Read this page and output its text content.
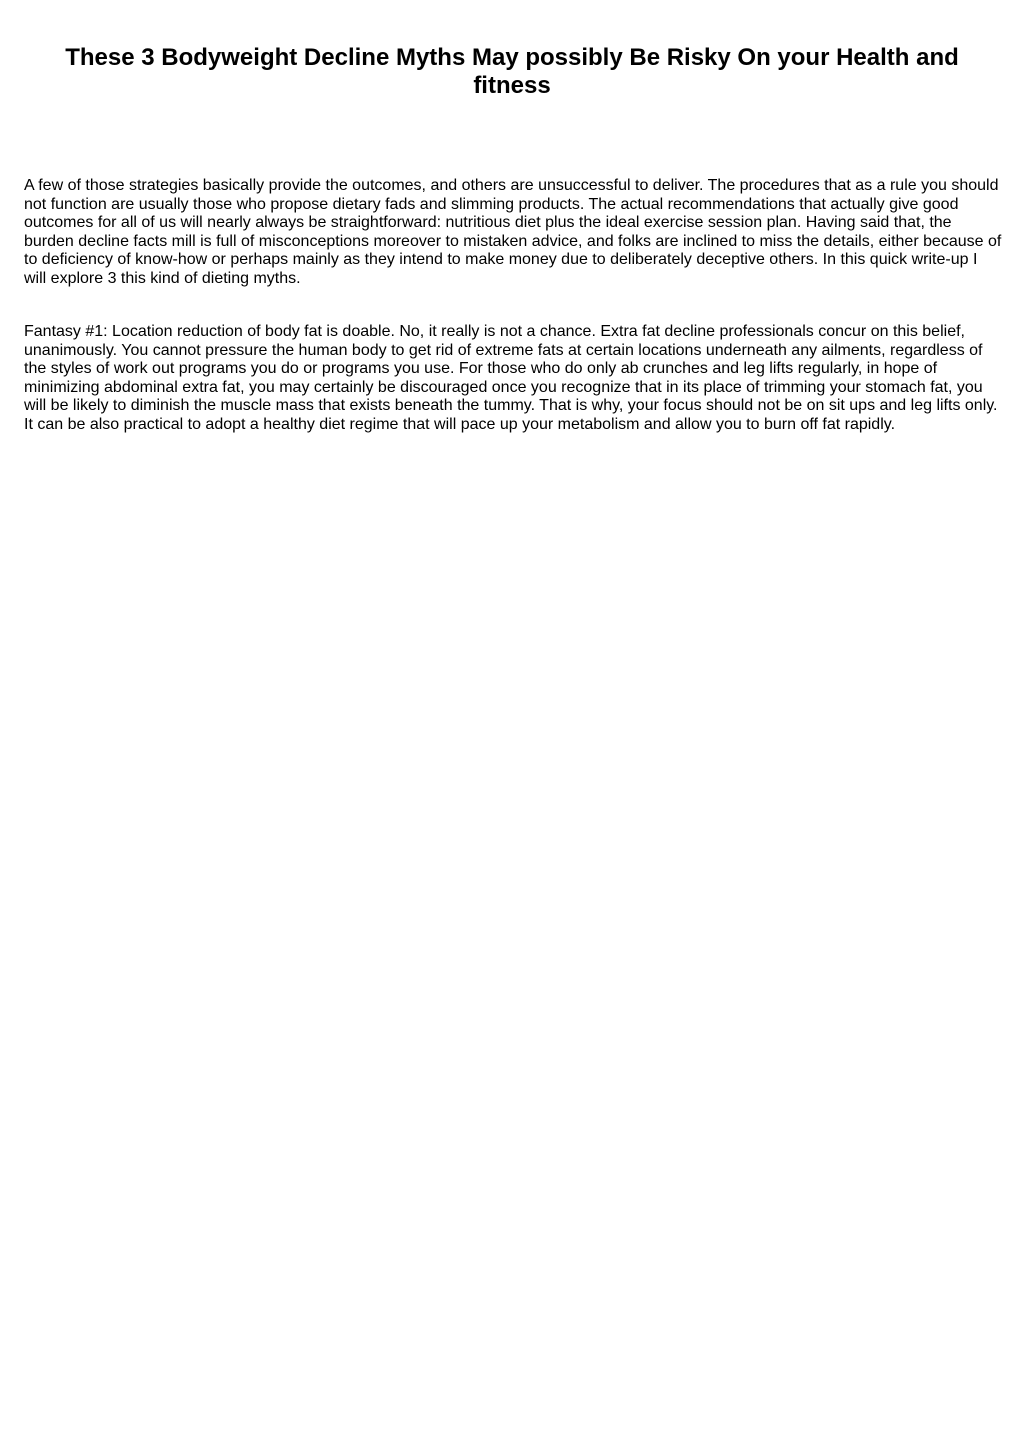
These 3 Bodyweight Decline Myths May possibly Be Risky On your Health and fitness

A few of those strategies basically provide the outcomes, and others are unsuccessful to deliver. The procedures that as a rule you should not function are usually those who propose dietary fads and slimming products. The actual recommendations that actually give good outcomes for all of us will nearly always be straightforward: nutritious diet plus the ideal exercise session plan. Having said that, the burden decline facts mill is full of misconceptions moreover to mistaken advice, and folks are inclined to miss the details, either because of to deficiency of know-how or perhaps mainly as they intend to make money due to deliberately deceptive others. In this quick write-up I will explore 3 this kind of dieting myths.

Fantasy #1: Location reduction of body fat is doable. No, it really is not a chance. Extra fat decline professionals concur on this belief, unanimously. You cannot pressure the human body to get rid of extreme fats at certain locations underneath any ailments, regardless of the styles of work out programs you do or programs you use. For those who do only ab crunches and leg lifts regularly, in hope of minimizing abdominal extra fat, you may certainly be discouraged once you recognize that in its place of trimming your stomach fat, you will be likely to diminish the muscle mass that exists beneath the tummy. That is why, your focus should not be on sit ups and leg lifts only. It can be also practical to adopt a healthy diet regime that will pace up your metabolism and allow you to burn off fat rapidly.
